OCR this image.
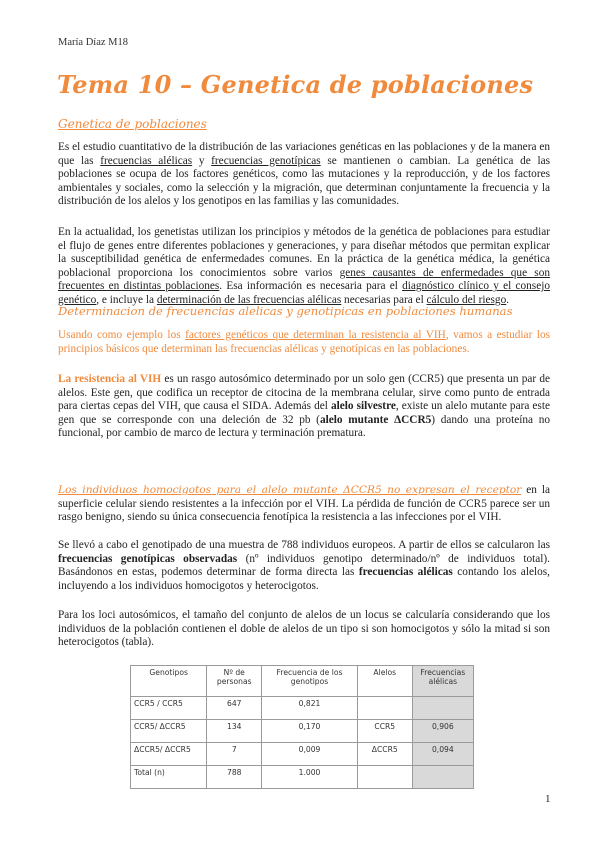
María Díaz M18
Tema 10 – Genetica de poblaciones
Genetica de poblaciones

Es el estudio cuantitativo de la distribución de las variaciones genéticas en las poblaciones y de la manera en que las frecuencias alélicas y frecuencias genotípicas se mantienen o cambian. La genética de las poblaciones se ocupa de los factores genéticos, como las mutaciones y la reproducción, y de los factores ambientales y sociales, como la selección y la migración, que determinan conjuntamente la frecuencia y la distribución de los alelos y los genotipos en las familias y las comunidades.

En la actualidad, los genetistas utilizan los principios y métodos de la genética de poblaciones para estudiar el flujo de genes entre diferentes poblaciones y generaciones, y para diseñar métodos que permitan explicar la susceptibilidad genética de enfermedades comunes. En la práctica de la genética médica, la genética poblacional proporciona los conocimientos sobre varios genes causantes de enfermedades que son frecuentes en distintas poblaciones. Esa información es necesaria para el diagnóstico clínico y el consejo genético, e incluye la determinación de las frecuencias alélicas necesarias para el cálculo del riesgo.

Determinacion de frecuencias alelicas y genotipicas en poblaciones humanas

Usando como ejemplo los factores genéticos que determinan la resistencia al VIH, vamos a estudiar los principios básicos que determinan las frecuencias alélicas y genotípicas en las poblaciones.

La resistencia al VIH es un rasgo autosómico determinado por un solo gen (CCR5) que presenta un par de alelos. Este gen, que codifica un receptor de citocina de la membrana celular, sirve como punto de entrada para ciertas cepas del VIH, que causa el SIDA. Además del alelo silvestre, existe un alelo mutante para este gen que se corresponde con una deleción de 32 pb (alelo mutante ΔCCR5) dando una proteína no funcional, por cambio de marco de lectura y terminación prematura.

Los individuos homocigotos para el alelo mutante ΔCCR5 no expresan el receptor en la superficie celular siendo resistentes a la infección por el VIH. La pérdida de función de CCR5 parece ser un rasgo benigno, siendo su única consecuencia fenotípica la resistencia a las infecciones por el VIH.

Se llevó a cabo el genotipado de una muestra de 788 individuos europeos. A partir de ellos se calcularon las frecuencias genotípicas observadas (nº individuos genotipo determinado/nº de individuos total). Basándonos en estas, podemos determinar de forma directa las frecuencias alélicas contando los alelos, incluyendo a los individuos homocigotos y heterocigotos.

Para los loci autosómicos, el tamaño del conjunto de alelos de un locus se calcularía considerando que los individuos de la población contienen el doble de alelos de un tipo si son homocigotos y sólo la mitad si son heterocigotos (tabla).

Genotipos	Nº de personas	Frecuencia de los genotipos	Alelos	Frecuencias alélicas
CCR5 / CCR5	647	0,821		
CCR5/ ΔCCR5	134	0,170	CCR5	0,906
ΔCCR5/ ΔCCR5	7	0,009	ΔCCR5	0,094
Total (n)	788	1.000		
1
